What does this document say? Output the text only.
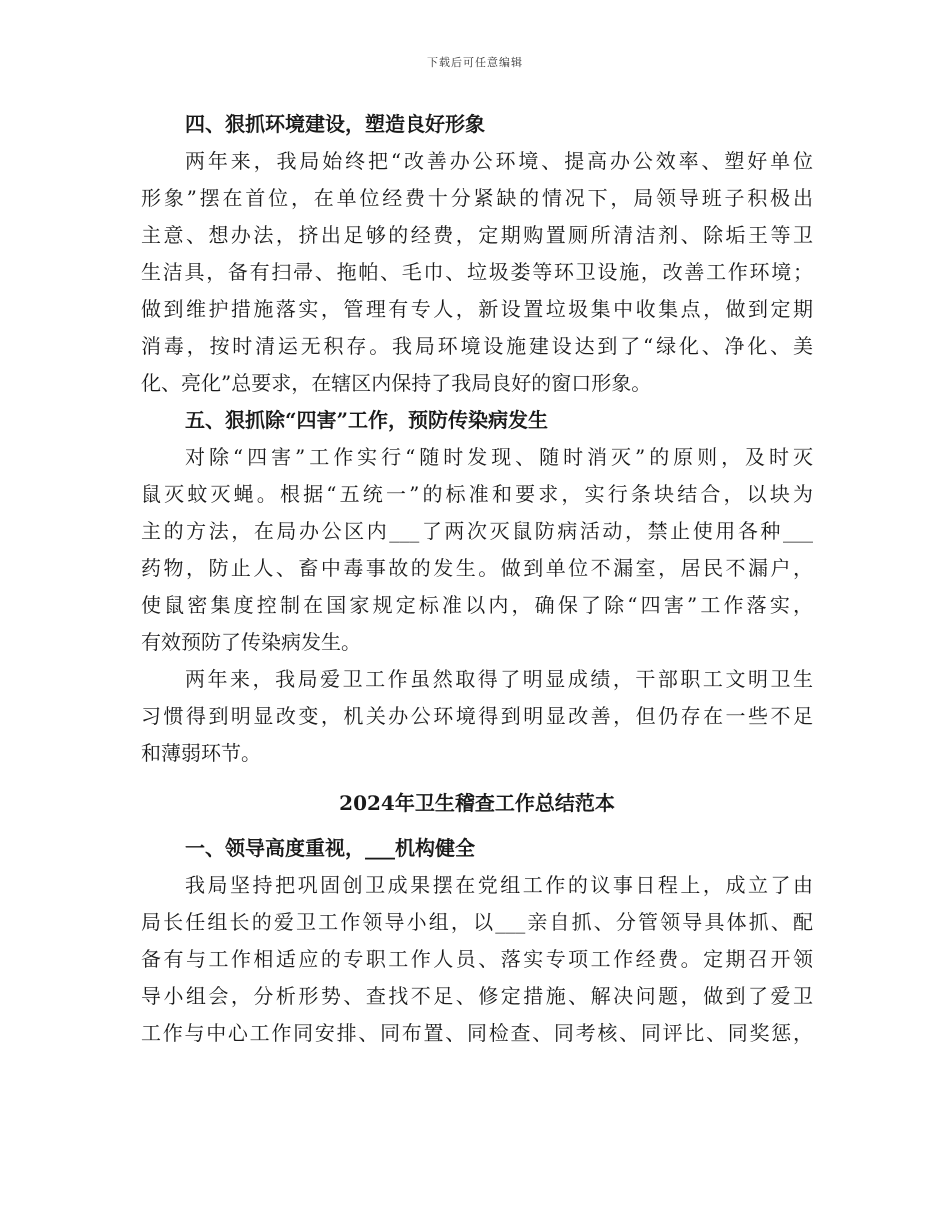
下载后可任意编辑
四、狠抓环境建设，塑造良好形象
两年来，我局始终把“改善办公环境、提高办公效率、塑好单位
形象”摆在首位，在单位经费十分紧缺的情况下，局领导班子积极出
主意、想办法，挤出足够的经费，定期购置厕所清洁剂、除垢王等卫
生洁具，备有扫帚、拖帕、毛巾、垃圾娄等环卫设施，改善工作环境；
做到维护措施落实，管理有专人，新设置垃圾集中收集点，做到定期
消毒，按时清运无积存。我局环境设施建设达到了“绿化、净化、美
化、亮化”总要求，在辖区内保持了我局良好的窗口形象。
五、狠抓除“四害”工作，预防传染病发生
对除“四害”工作实行“随时发现、随时消灭”的原则，及时灭
鼠灭蚊灭蝇。根据“五统一”的标准和要求，实行条块结合，以块为
主的方法，在局办公区内___了两次灭鼠防病活动，禁止使用各种___
药物，防止人、畜中毒事故的发生。做到单位不漏室，居民不漏户，
使鼠密集度控制在国家规定标准以内，确保了除“四害”工作落实，
有效预防了传染病发生。
两年来，我局爱卫工作虽然取得了明显成绩，干部职工文明卫生
习惯得到明显改变，机关办公环境得到明显改善，但仍存在一些不足
和薄弱环节。
2024年卫生稽查工作总结范本
一、领导高度重视，___机构健全
我局坚持把巩固创卫成果摆在党组工作的议事日程上，成立了由
局长任组长的爱卫工作领导小组，以___亲自抓、分管领导具体抓、配
备有与工作相适应的专职工作人员、落实专项工作经费。定期召开领
导小组会，分析形势、查找不足、修定措施、解决问题，做到了爱卫
工作与中心工作同安排、同布置、同检查、同考核、同评比、同奖惩，
